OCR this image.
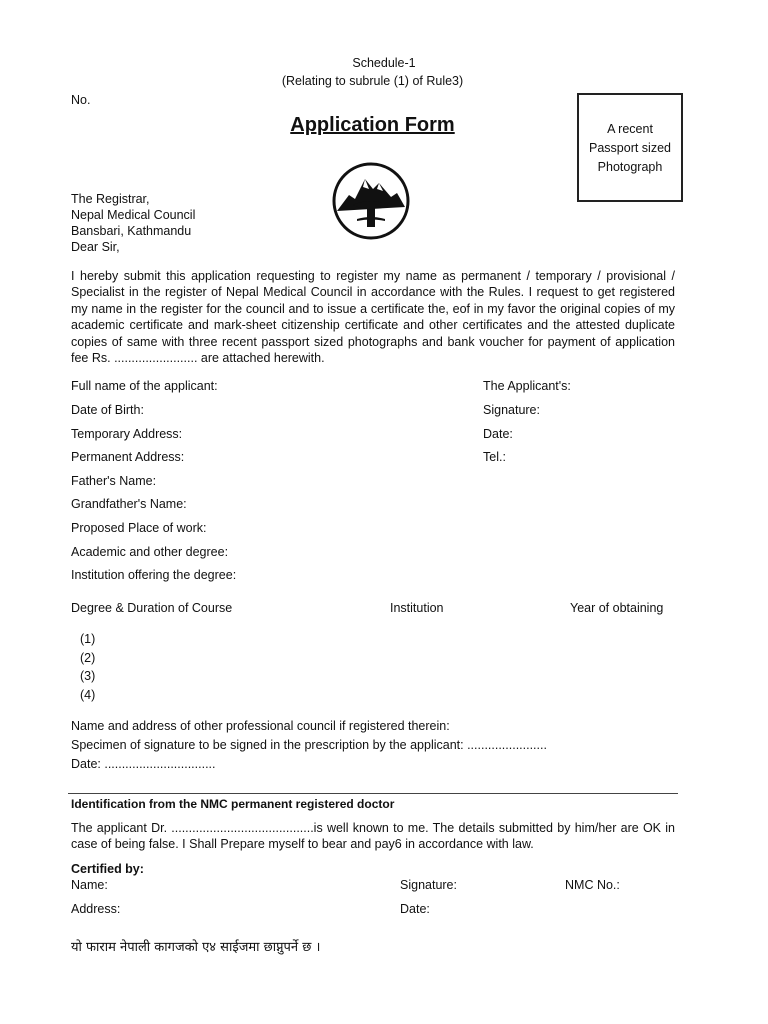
Schedule-1
(Relating to subrule (1) of Rule3)
No.
Application Form	A recent
Passport sized
Photograph
The Registrar,
Nepal Medical Council
Bansbari, Kathmandu
Dear Sir,
I hereby submit this application requesting to register my name as permanent / temporary / provisional / Specialist in the register of Nepal Medical Council in accordance with the Rules. I request to get registered my name in the register for the council and to issue a certificate the, eof in my favor the original copies of my academic certificate and mark-sheet citizenship certificate and other certificates and the attested duplicate copies of same with three recent passport sized photographs and bank voucher for payment of application fee Rs. ........................ are attached herewith.
Full name of the applicant:
Date of Birth:
Temporary Address:
Permanent Address:
Father's Name:
Grandfather's Name:
Proposed Place of work:
Academic and other degree:
Institution offering the degree:
The Applicant's:
Signature:
Date:
Tel.:
Degree & Duration of Course	Institution	Year of obtaining
(1)
(2)
(3)
(4)
Name and address of other professional council if registered therein:
Specimen of signature to be signed in the prescription by the applicant: .......................
Date: ................................
Identification from the NMC permanent registered doctor
The applicant Dr. .........................................is well known to me. The details submitted by him/her are OK in case of being false. I Shall Prepare myself to bear and pay6 in accordance with law.
Certified by:
Name:	Signature:	NMC No.:
Address:	Date:
यो फाराम नेपाली कागजको ए४ साईजमा छाप्नुपर्ने छ ।
